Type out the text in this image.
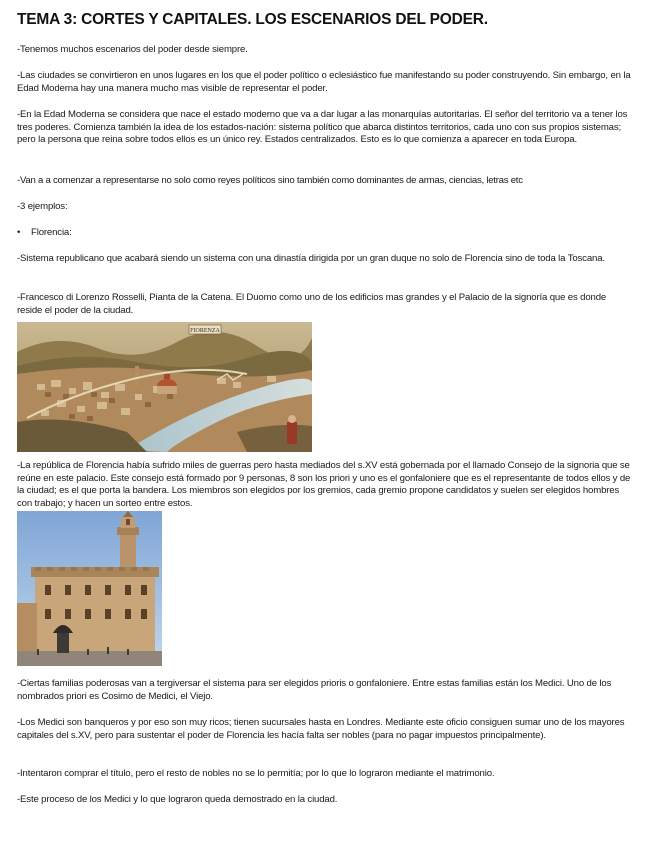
TEMA 3: CORTES Y CAPITALES. LOS ESCENARIOS DEL PODER.

-Tenemos muchos escenarios del poder desde siempre.

-Las ciudades se convirtieron en unos lugares en los que el poder político o eclesiástico fue manifestando su poder construyendo. Sin embargo, en la Edad Moderna hay una manera mucho mas visible de representar el poder.

-En la Edad Moderna se considera que nace el estado moderno que va a dar lugar a las monarquías autoritarias. El señor del territorio va a tener los tres poderes. Comienza también la idea de los estados-nación: sistema político que abarca distintos territorios, cada uno con sus propios sistemas; pero la persona que reina sobre todos ellos es un único rey. Estados centralizados. Esto es lo que comienza a aparecer en toda Europa.

-Van a a comenzar a representarse no solo como reyes políticos sino también como dominantes de armas, ciencias, letras etc

-3 ejemplos:

• Florencia:

-Sistema republicano que acabará siendo un sistema con una dinastía dirigida por un gran duque no solo de Florencia sino de toda la Toscana.

-Francesco di Lorenzo Rosselli, Pianta de la Catena. El Duomo como uno de los edificios mas grandes y el Palacio de la signoría que es donde reside el poder de la ciudad.

FIORENZA

-La república de Florencia había sufrido miles de guerras pero hasta mediados del s.XV está gobernada por el llamado Consejo de la signoria que se reúne en este palacio. Este consejo está formado por 9 personas, 8 son los priori y uno es el gonfaloniere que es el representante de todos ellos y de la ciudad; es el que porta la bandera. Los miembros son elegidos por los gremios, cada gremio propone candidatos y suelen ser elegidos hombres con trabajo; y hacen un sorteo entre estos.

-Ciertas familias poderosas van a tergiversar el sistema para ser elegidos prioris o gonfaloniere. Entre estas familias están los Medici. Uno de los nombrados priori es Cosimo de Medici, el Viejo.

-Los Medici son banqueros y por eso son muy ricos; tienen sucursales hasta en Londres. Mediante este oficio consiguen sumar uno de los mayores capitales del s.XV, pero para sustentar el poder de Florencia les hacía falta ser nobles (para no pagar impuestos principalmente).

-Intentaron comprar el título, pero el resto de nobles no se lo permitía; por lo que lo lograron mediante el matrimonio.

-Este proceso de los Medici y lo que lograron queda demostrado en la ciudad.
